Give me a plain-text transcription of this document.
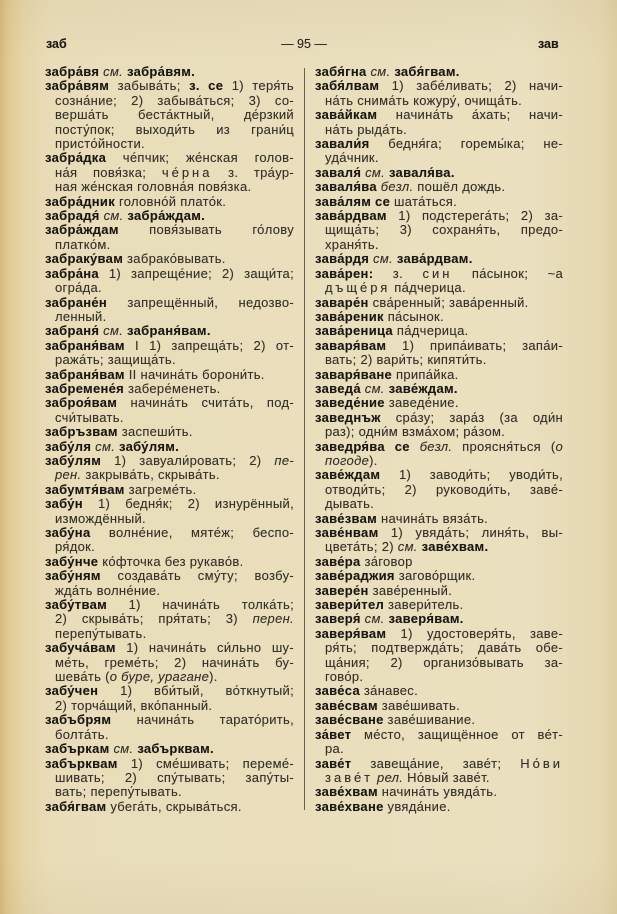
заб	— 95 —	зав
забра́вя см. забра́вям.
забра́вям забыва́ть; з. се 1) теря́ть
созна́ние; 2) забыва́ться; 3) со-
верша́ть беста́ктный, де́рзкий
посту́пок; выходи́ть из грани́ц
присто́йности.
забра́дка че́пчик; же́нская голов-
на́я повя́зка; че́рна з. тра́ур-
ная же́нская головна́я повя́зка.
забра́дник головно́й плато́к.
забрадя́ см. забра́ждам.
забра́ждам повя́зывать го́лову
платко́м.
забраку́вам забрако́вывать.
забра́на 1) запреще́ние; 2) защи́та;
огра́да.
забране́н запрещённый, недозво-
ленный.
забраня́ см. забраня́вам.
забраня́вам I 1) запреща́ть; 2) от-
ража́ть; защища́ть.
забраня́вам II начина́ть борони́ть.
забремене́я забере́менеть.
заброя́вам начина́ть счита́ть, под-
счи́тывать.
забръзвам заспеши́ть.
забу́ля см. забу́лям.
забу́лям 1) завуали́ровать; 2) пе-
рен. закрыва́ть, скрыва́ть.
забумтя́вам загреме́ть.
забу́н 1) бедня́к; 2) изнурённый,
измождённый.
забу́на волне́ние, мяте́ж; беспо-
ря́док.
забу́нче ко́фточка без рукаво́в.
забу́ням создава́ть сму́ту; возбу-
жда́ть волне́ние.
забу́твам 1) начина́ть толка́ть;
2) скрыва́ть; пря́тать; 3) перен.
перепу́тывать.
забуча́вам 1) начина́ть си́льно шу-
ме́ть, греме́ть; 2) начина́ть бу-
шева́ть (о буре, урагане).
забу́чен 1) вби́тый, во́ткнутый;
2) торча́щий, вко́панный.
забъбрям начина́ть тарато́рить,
болта́ть.
забъркам см. забърквам.
забърквам 1) сме́шивать; переме́-
шивать; 2) спу́тывать; запу́ты-
вать; перепу́тывать.
забя́гвам убега́ть, скрыва́ться.
забя́гна см. забя́гвам.
забя́лвам 1) забе́ливать; 2) начи-
на́ть снима́ть кожуру́, очища́ть.
зава́йкам начина́ть а́хать; начи-
на́ть рыда́ть.
завали́я бедня́га; горемы́ка; не-
уда́чник.
заваля́ см. заваля́ва.
заваля́ва безл. пошёл дождь.
зава́лям се шата́ться.
зава́рдвам 1) подстерега́ть; 2) за-
щища́ть; 3) сохраня́ть, предо-
храня́ть.
зава́рдя см. зава́рдвам.
зава́рен: з. син па́сынок; ~а
дъще́ря па́дчерица.
заваре́н сва́ренный; зава́ренный.
зава́реник па́сынок.
зава́реница па́дчерица.
заваря́вам 1) припа́ивать; запа́и-
вать; 2) вари́ть; кипяти́ть.
заваря́ване припа́йка.
заведа́ см. заве́ждам.
заведе́ние заведе́ние.
заведнъж сра́зу; зара́з (за оди́н
раз); одни́м взма́хом; ра́зом.
заведря́ва се безл. проясня́ться (о
погоде).
заве́ждам 1) заводи́ть; уводи́ть,
отводи́ть; 2) руководи́ть, заве́-
дывать.
заве́звам начина́ть вяза́ть.
заве́нвам 1) увяда́ть; линя́ть, вы-
цвета́ть; 2) см. заве́хвам.
заве́ра за́говор
заве́раджия загово́рщик.
завере́н заве́ренный.
завери́тел завери́тель.
заверя́ см. заверя́вам.
заверя́вам 1) удостоверя́ть, заве-
ря́ть; подтвержда́ть; дава́ть обе-
ща́ния; 2) организо́вывать за-
гово́р.
заве́са за́навес.
заве́свам заве́шивать.
заве́сване заве́шивание.
за́вет ме́сто, защищённое от ве́т-
ра.
заве́т завеща́ние, заве́т; Но́ви
заве́т рел. Но́вый заве́т.
заве́хвам начина́ть увяда́ть.
заве́хване увяда́ние.
